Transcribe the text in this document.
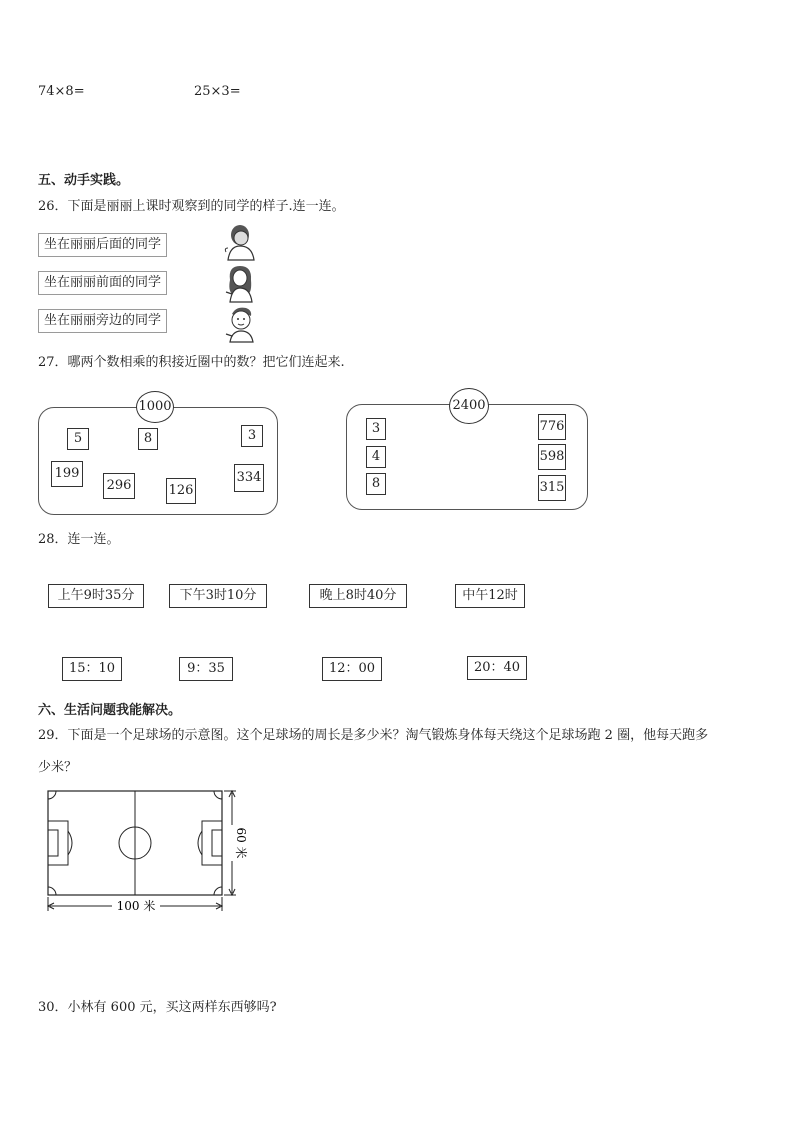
74×8=	25×3=
五、动手实践。
26．下面是丽丽上课时观察到的同学的样子.连一连。
坐在丽丽后面的同学
坐在丽丽前面的同学
坐在丽丽旁边的同学
27．哪两个数相乘的积接近圈中的数？把它们连起来.
1000
5	8	3
199
296	126
334
2400
3
4
8
776
598
315
28．连一连。
上午9时35分	下午3时10分	晚上8时40分	中午12时
15：10	9：35	12：00	20：40
六、生活问题我能解决。
29．下面是一个足球场的示意图。这个足球场的周长是多少米？淘气锻炼身体每天绕这个足球场跑 2 圈，他每天跑多
少米？
100 米
60 米
30．小林有 600 元，买这两样东西够吗?
